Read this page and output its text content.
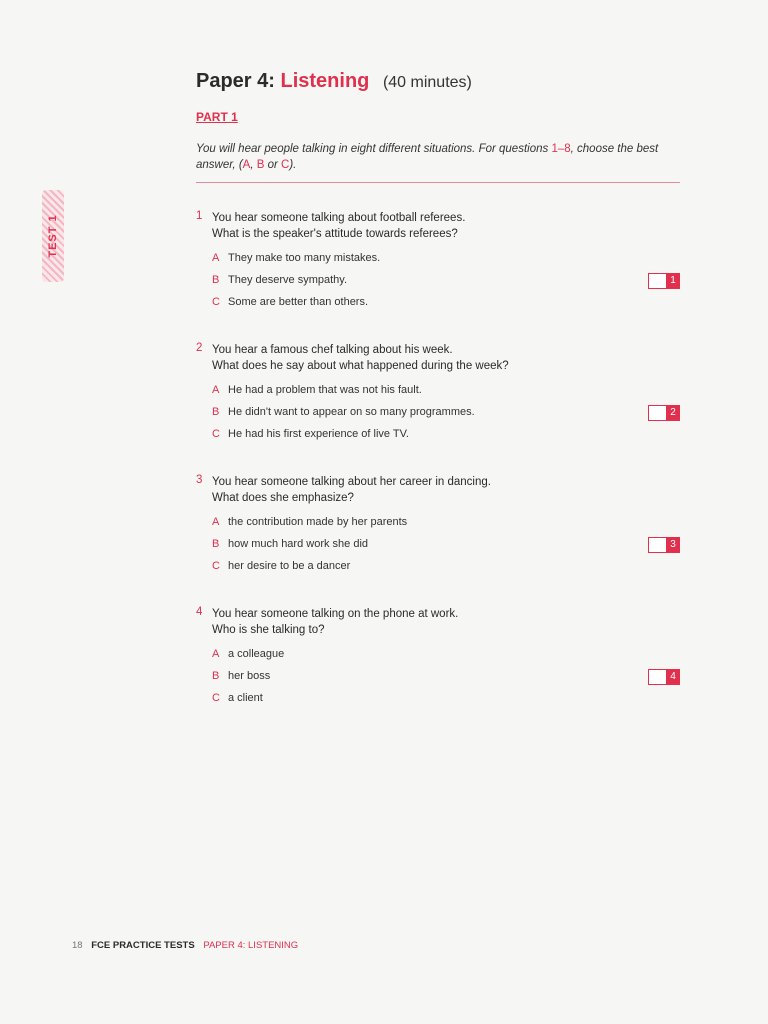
TEST 1
Paper 4: Listening (40 minutes)
PART 1
You will hear people talking in eight different situations. For questions 1–8, choose the best answer, (A, B or C).
1 You hear someone talking about football referees.
What is the speaker's attitude towards referees?
A They make too many mistakes.
B They deserve sympathy.
C Some are better than others.
1
2 You hear a famous chef talking about his week.
What does he say about what happened during the week?
A He had a problem that was not his fault.
B He didn't want to appear on so many programmes.
C He had his first experience of live TV.
2
3 You hear someone talking about her career in dancing.
What does she emphasize?
A the contribution made by her parents
B how much hard work she did
C her desire to be a dancer
3
4 You hear someone talking on the phone at work.
Who is she talking to?
A a colleague
B her boss
C a client
4
18 FCE PRACTICE TESTS PAPER 4: LISTENING
